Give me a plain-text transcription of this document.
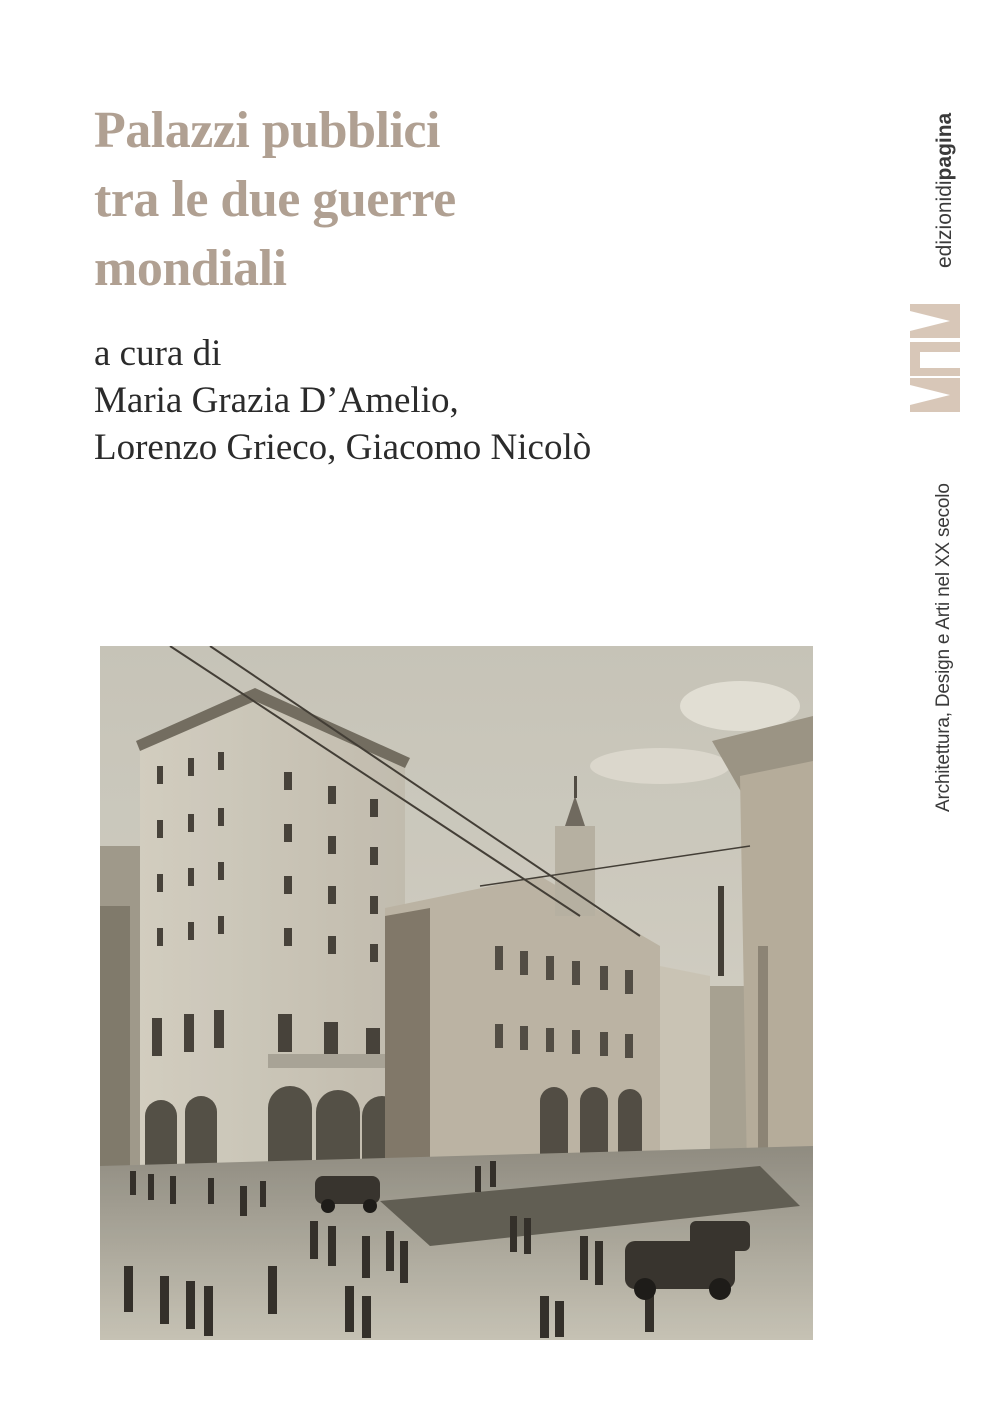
Palazzi pubblici
tra le due guerre
mondiali
a cura di
Maria Grazia D’Amelio,
Lorenzo Grieco, Giacomo Nicolò
edizionidipagina
Architettura, Design e Arti nel XX secolo
